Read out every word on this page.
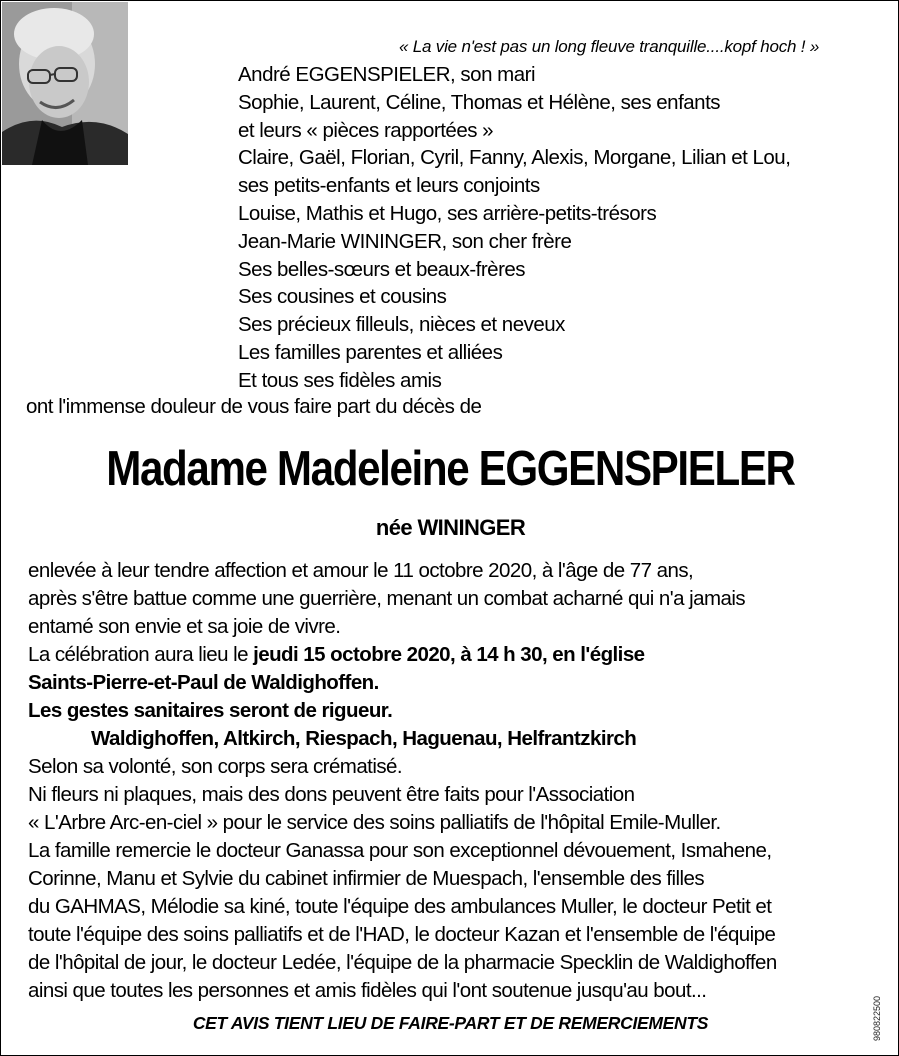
« La vie n'est pas un long fleuve tranquille....kopf hoch ! »
André EGGENSPIELER, son mari
Sophie, Laurent, Céline, Thomas et Hélène, ses enfants
et leurs « pièces rapportées »
Claire, Gaël, Florian, Cyril, Fanny, Alexis, Morgane, Lilian et Lou,
ses petits-enfants et leurs conjoints
Louise, Mathis et Hugo, ses arrière-petits-trésors
Jean-Marie WININGER, son cher frère
Ses belles-sœurs et beaux-frères
Ses cousines et cousins
Ses précieux filleuls, nièces et neveux
Les familles parentes et alliées
Et tous ses fidèles amis
ont l'immense douleur de vous faire part du décès de
Madame Madeleine EGGENSPIELER
née WININGER
enlevée à leur tendre affection et amour le 11 octobre 2020, à l'âge de 77 ans,
après s'être battue comme une guerrière, menant un combat acharné qui n'a jamais
entamé son envie et sa joie de vivre.
La célébration aura lieu le jeudi 15 octobre 2020, à 14 h 30, en l'église
Saints-Pierre-et-Paul de Waldighoffen.
Les gestes sanitaires seront de rigueur.
Waldighoffen, Altkirch, Riespach, Haguenau, Helfrantzkirch
Selon sa volonté, son corps sera crématisé.
Ni fleurs ni plaques, mais des dons peuvent être faits pour l'Association
« L'Arbre Arc-en-ciel » pour le service des soins palliatifs de l'hôpital Emile-Muller.
La famille remercie le docteur Ganassa pour son exceptionnel dévouement, Ismahene,
Corinne, Manu et Sylvie du cabinet infirmier de Muespach, l'ensemble des filles
du GAHMAS, Mélodie sa kiné, toute l'équipe des ambulances Muller, le docteur Petit et
toute l'équipe des soins palliatifs et de l'HAD, le docteur Kazan et l'ensemble de l'équipe
de l'hôpital de jour, le docteur Ledée, l'équipe de la pharmacie Specklin de Waldighoffen
ainsi que toutes les personnes et amis fidèles qui l'ont soutenue jusqu'au bout...
CET AVIS TIENT LIEU DE FAIRE-PART ET DE REMERCIEMENTS	980822500
